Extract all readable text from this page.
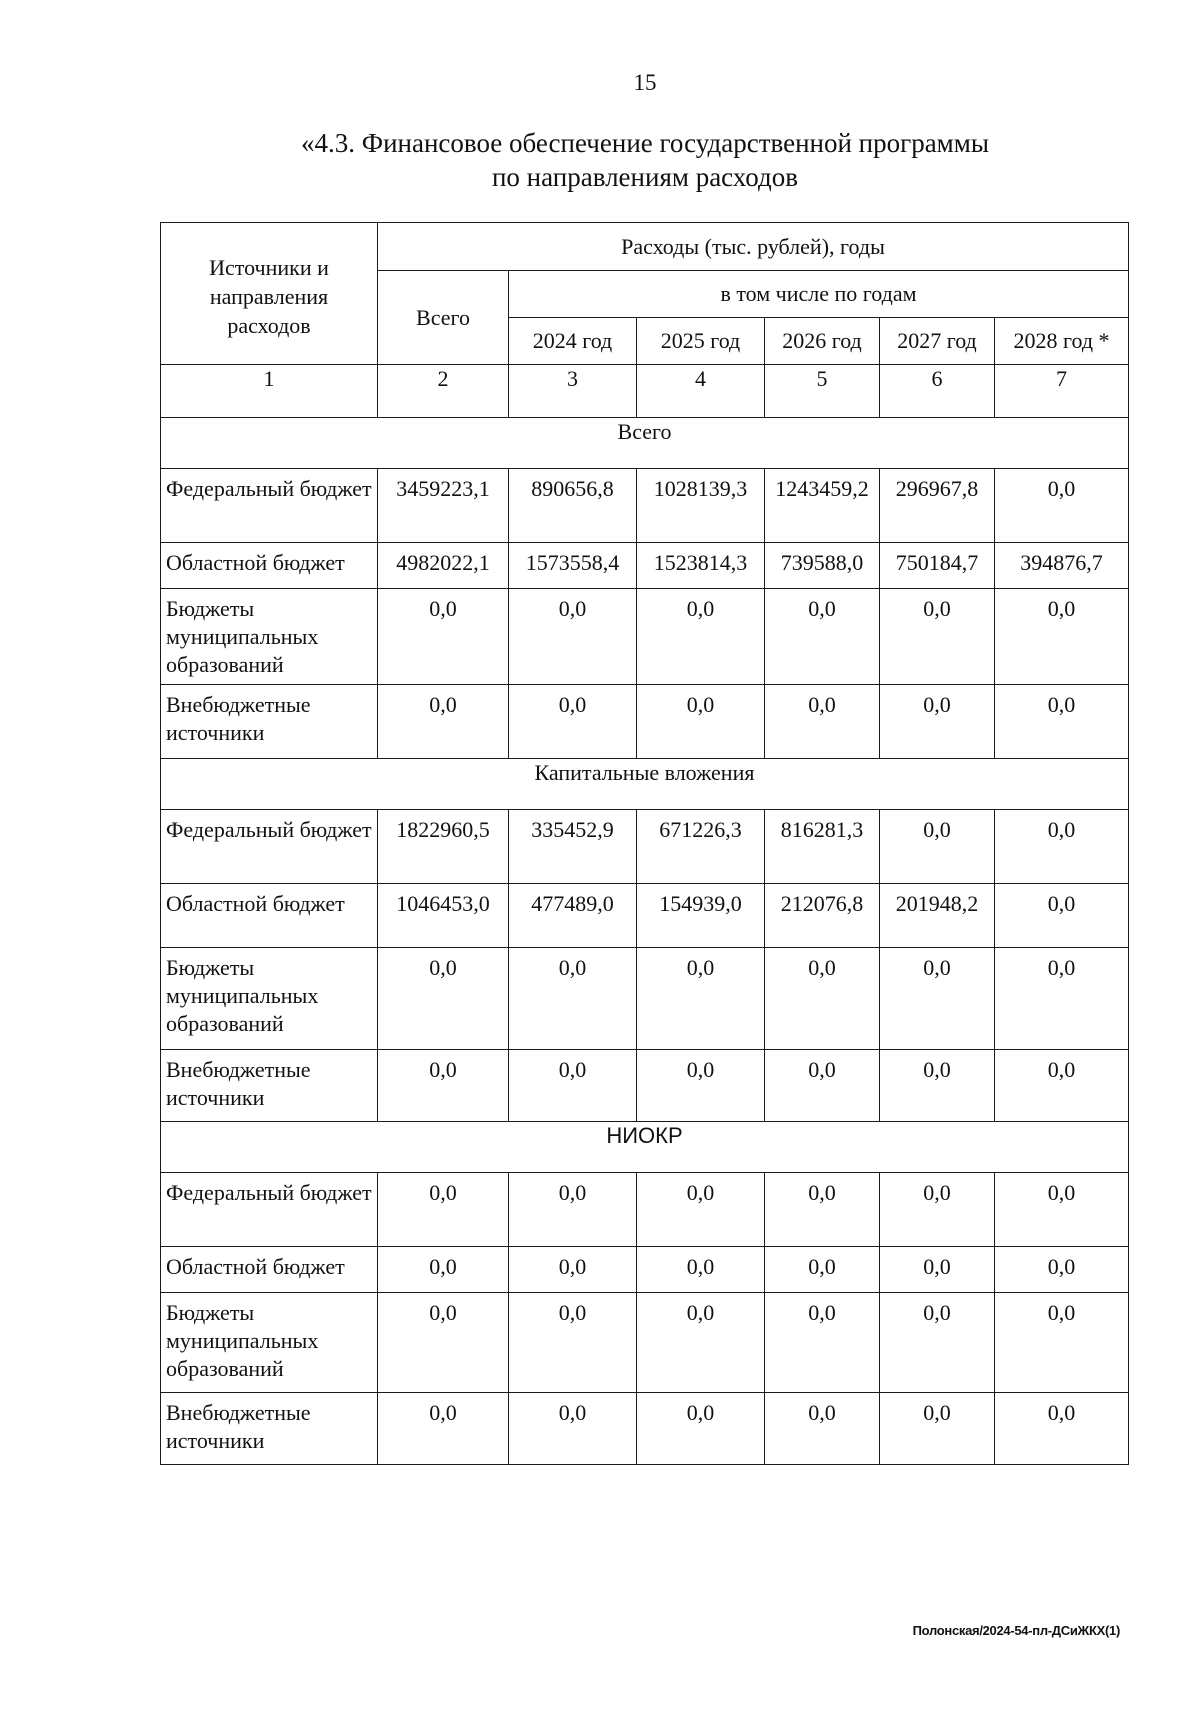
15
«4.3. Финансовое обеспечение государственной программы
по направлениям расходов
Источники и направления расходов	Расходы (тыс. рублей), годы					
	Всего	в том числе по годам				
		2024 год	2025 год	2026 год	2027 год	2028 год *
1	2	3	4	5	6	7
Всего						
Федеральный бюджет	3459223,1	890656,8	1028139,3	1243459,​2	296967,8	0,0
Областной бюджет	4982022,1	1573558,4	1523814,3	739588,0	750184,7	394876,7
Бюджеты муниципальных образований	0,0	0,0	0,0	0,0	0,0	0,0
Внебюджетные источники	0,0	0,0	0,0	0,0	0,0	0,0
Капитальные вложения						
Федеральный бюджет	1822960,5	335452,9	671226,3	816281,3	0,0	0,0
Областной бюджет	1046453,0	477489,0	154939,0	212076,8	201948,2	0,0
Бюджеты муниципальных образований	0,0	0,0	0,0	0,0	0,0	0,0
Внебюджетные источники	0,0	0,0	0,0	0,0	0,0	0,0
НИОКР						
Федеральный бюджет	0,0	0,0	0,0	0,0	0,0	0,0
Областной бюджет	0,0	0,0	0,0	0,0	0,0	0,0
Бюджеты муниципальных образований	0,0	0,0	0,0	0,0	0,0	0,0
Внебюджетные источники	0,0	0,0	0,0	0,0	0,0	0,0
Полонская/2024-54-пл-ДСиЖКХ(1)
